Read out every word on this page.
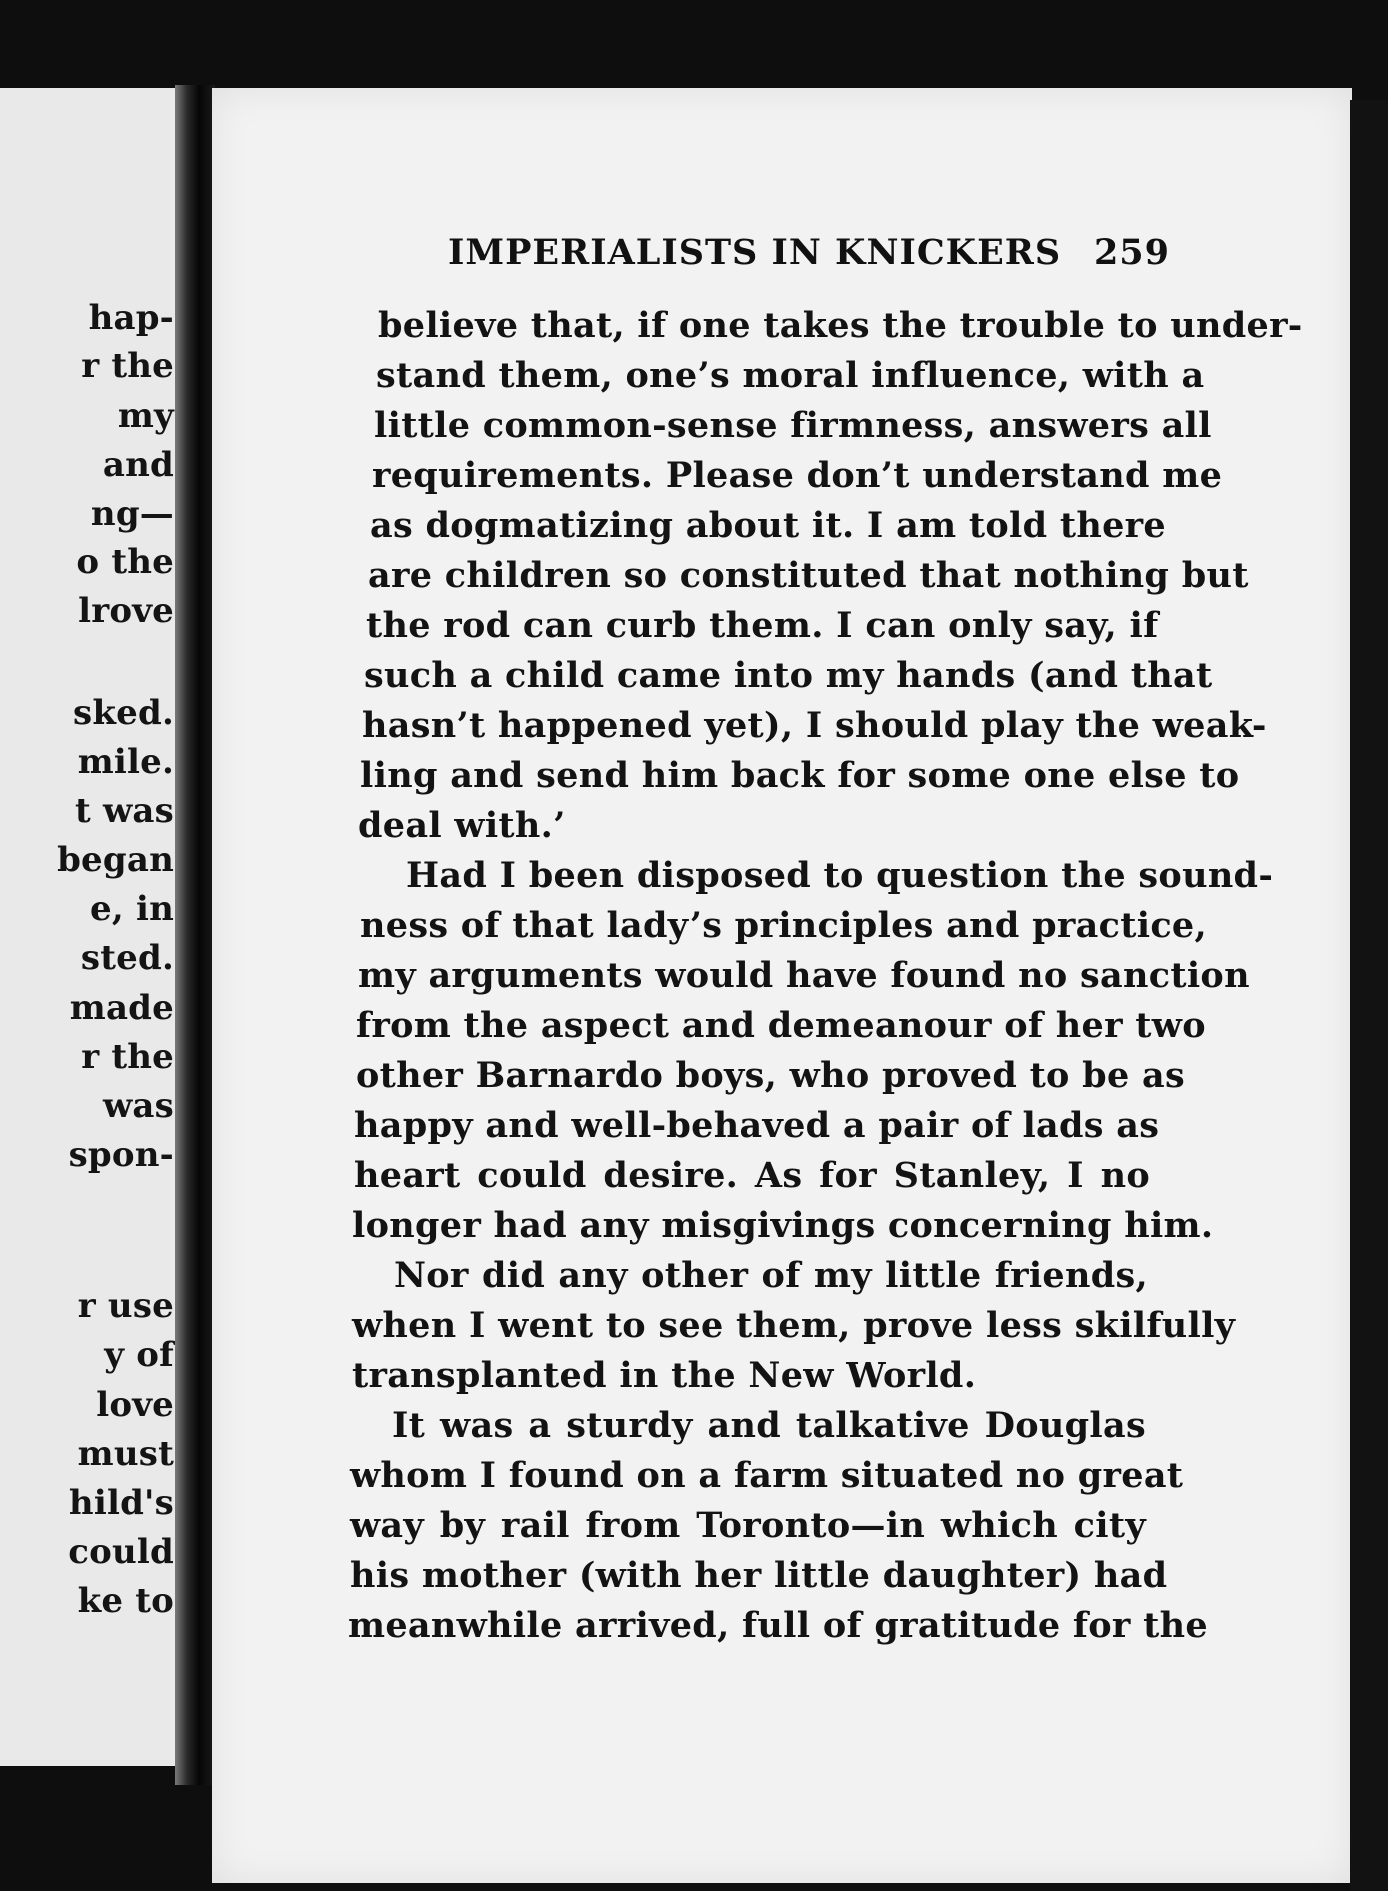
hap-
r the
my
and
ng—
o the
lrove
sked.
mile.
t was
began
e, in
sted.
made
r the
was
spon-
r use
y of
love
must
hild's
could
ke to
IMPERIALISTS IN KNICKERS 259
believe that, if one takes the trouble to under-
stand them, one’s moral influence, with a
little common-sense firmness, answers all
requirements. Please don’t understand me
as dogmatizing about it. I am told there
are children so constituted that nothing but
the rod can curb them. I can only say, if
such a child came into my hands (and that
hasn’t happened yet), I should play the weak-
ling and send him back for some one else to
deal with.’
Had I been disposed to question the sound-
ness of that lady’s principles and practice,
my arguments would have found no sanction
from the aspect and demeanour of her two
other Barnardo boys, who proved to be as
happy and well-behaved a pair of lads as
heart could desire. As for Stanley, I no
longer had any misgivings concerning him.
Nor did any other of my little friends,
when I went to see them, prove less skilfully
transplanted in the New World.
It was a sturdy and talkative Douglas
whom I found on a farm situated no great
way by rail from Toronto—in which city
his mother (with her little daughter) had
meanwhile arrived, full of gratitude for the
